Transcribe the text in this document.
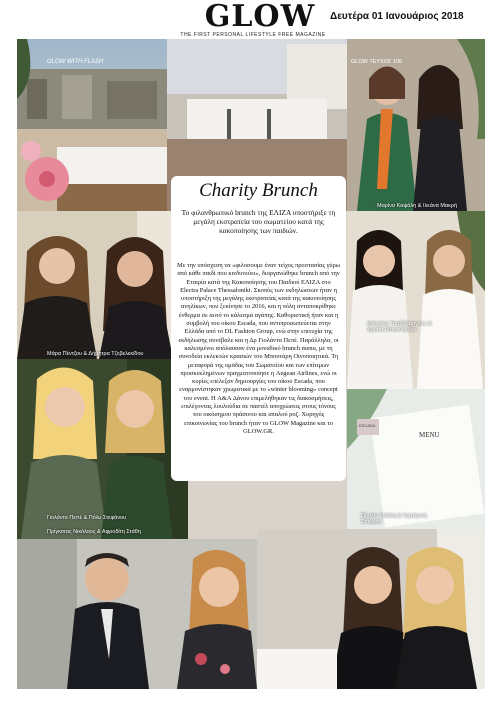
GLOW
THE FIRST PERSONAL LIFESTYLE FREE MAGAZINE
Δευτέρα 01 Ιανουάριος 2018
GLOW WITH FLASH	GLOW ΤΕΥΧΟΣ 156
Μαρίνα Καψάλη & Ιλεάνα Μακρή
Μάρα Πέντζου & Δήμητρα Τζεβελεκίδου
Κατερίνα Τσαβδάρογλου & Χρύσα Μπισινόγλου
Γιολάντα Πεπέ & Πόλυ Στεφάνου
Πρίγκιπας Νικόλαος & Αφροδίτη Στάθη
MENU
ESCADA
Πουλίν Σελέκη & Λομπρινή Σταύρου
Charity Brunch
Το φιλανθρωπικό brunch της ΕΛΙΖΑ υποστήριξε τη μεγάλη εκστρατεία του σωματείου κατά της κακοποίησης των παιδιών.
Με την υπόσχεση να «φιλοσουμε έναν τείχος προστασίας γύρω από κάθε παιδί που κινδυνεύει», διοργανώθηκε brunch από την Εταιρία κατά της Κακοποίησης του Παιδιού ΕΛΙΖΑ στο Electra Palace Thessaloniki. Σκοπός των εκδηλώσεων ήταν η υποστήριξη της μεγάλης εκστρατείας κατά της κακοποίησης ανηλίκων, που ξεκίνησε το 2016, και η πόλη ανταποκρίθηκε ένθερμα σε αυτό το κάλεσμα αγάπης. Καθοριστική ήταν και η συμβολή του οίκου Escada, που αντιπροσωπεύεται στην Ελλάδα από το DL Fashion Group, ενώ στην επιτυχία της εκδήλωσης συνέβαλε και η Δρ Γιολάντα Πεπέ. Παράλληλα, οι καλεσμένοι απόλαυσαν ένα μοναδικό brunch menu, με τη συνοδεία εκλεκτών κρασιών του Μπουτάρη Οινοποιητικά. Τη μεταφορά της ομάδας του Σωματείου και των επίτιμων προσκεκλημένων πραγματοποίησε η Aegean Airlines, ενώ οι κυρίες επέλεξαν δημιουργίες του οίκου Escada, που εναρμονίστηκαν χρωματικά με το «winter blooming» concept του event. Η A&A Δάνου επιμελήθηκαν τις διακοσμήσεις, επιλέγοντας λουλούδια σε παστέλ αποχρώσεις στους τόνους του οικόσημου πράσινου και απαλού ροζ. Χορηγός επικοινωνίας του brunch ήταν το GLOW Magazine και το GLOW.GR.
